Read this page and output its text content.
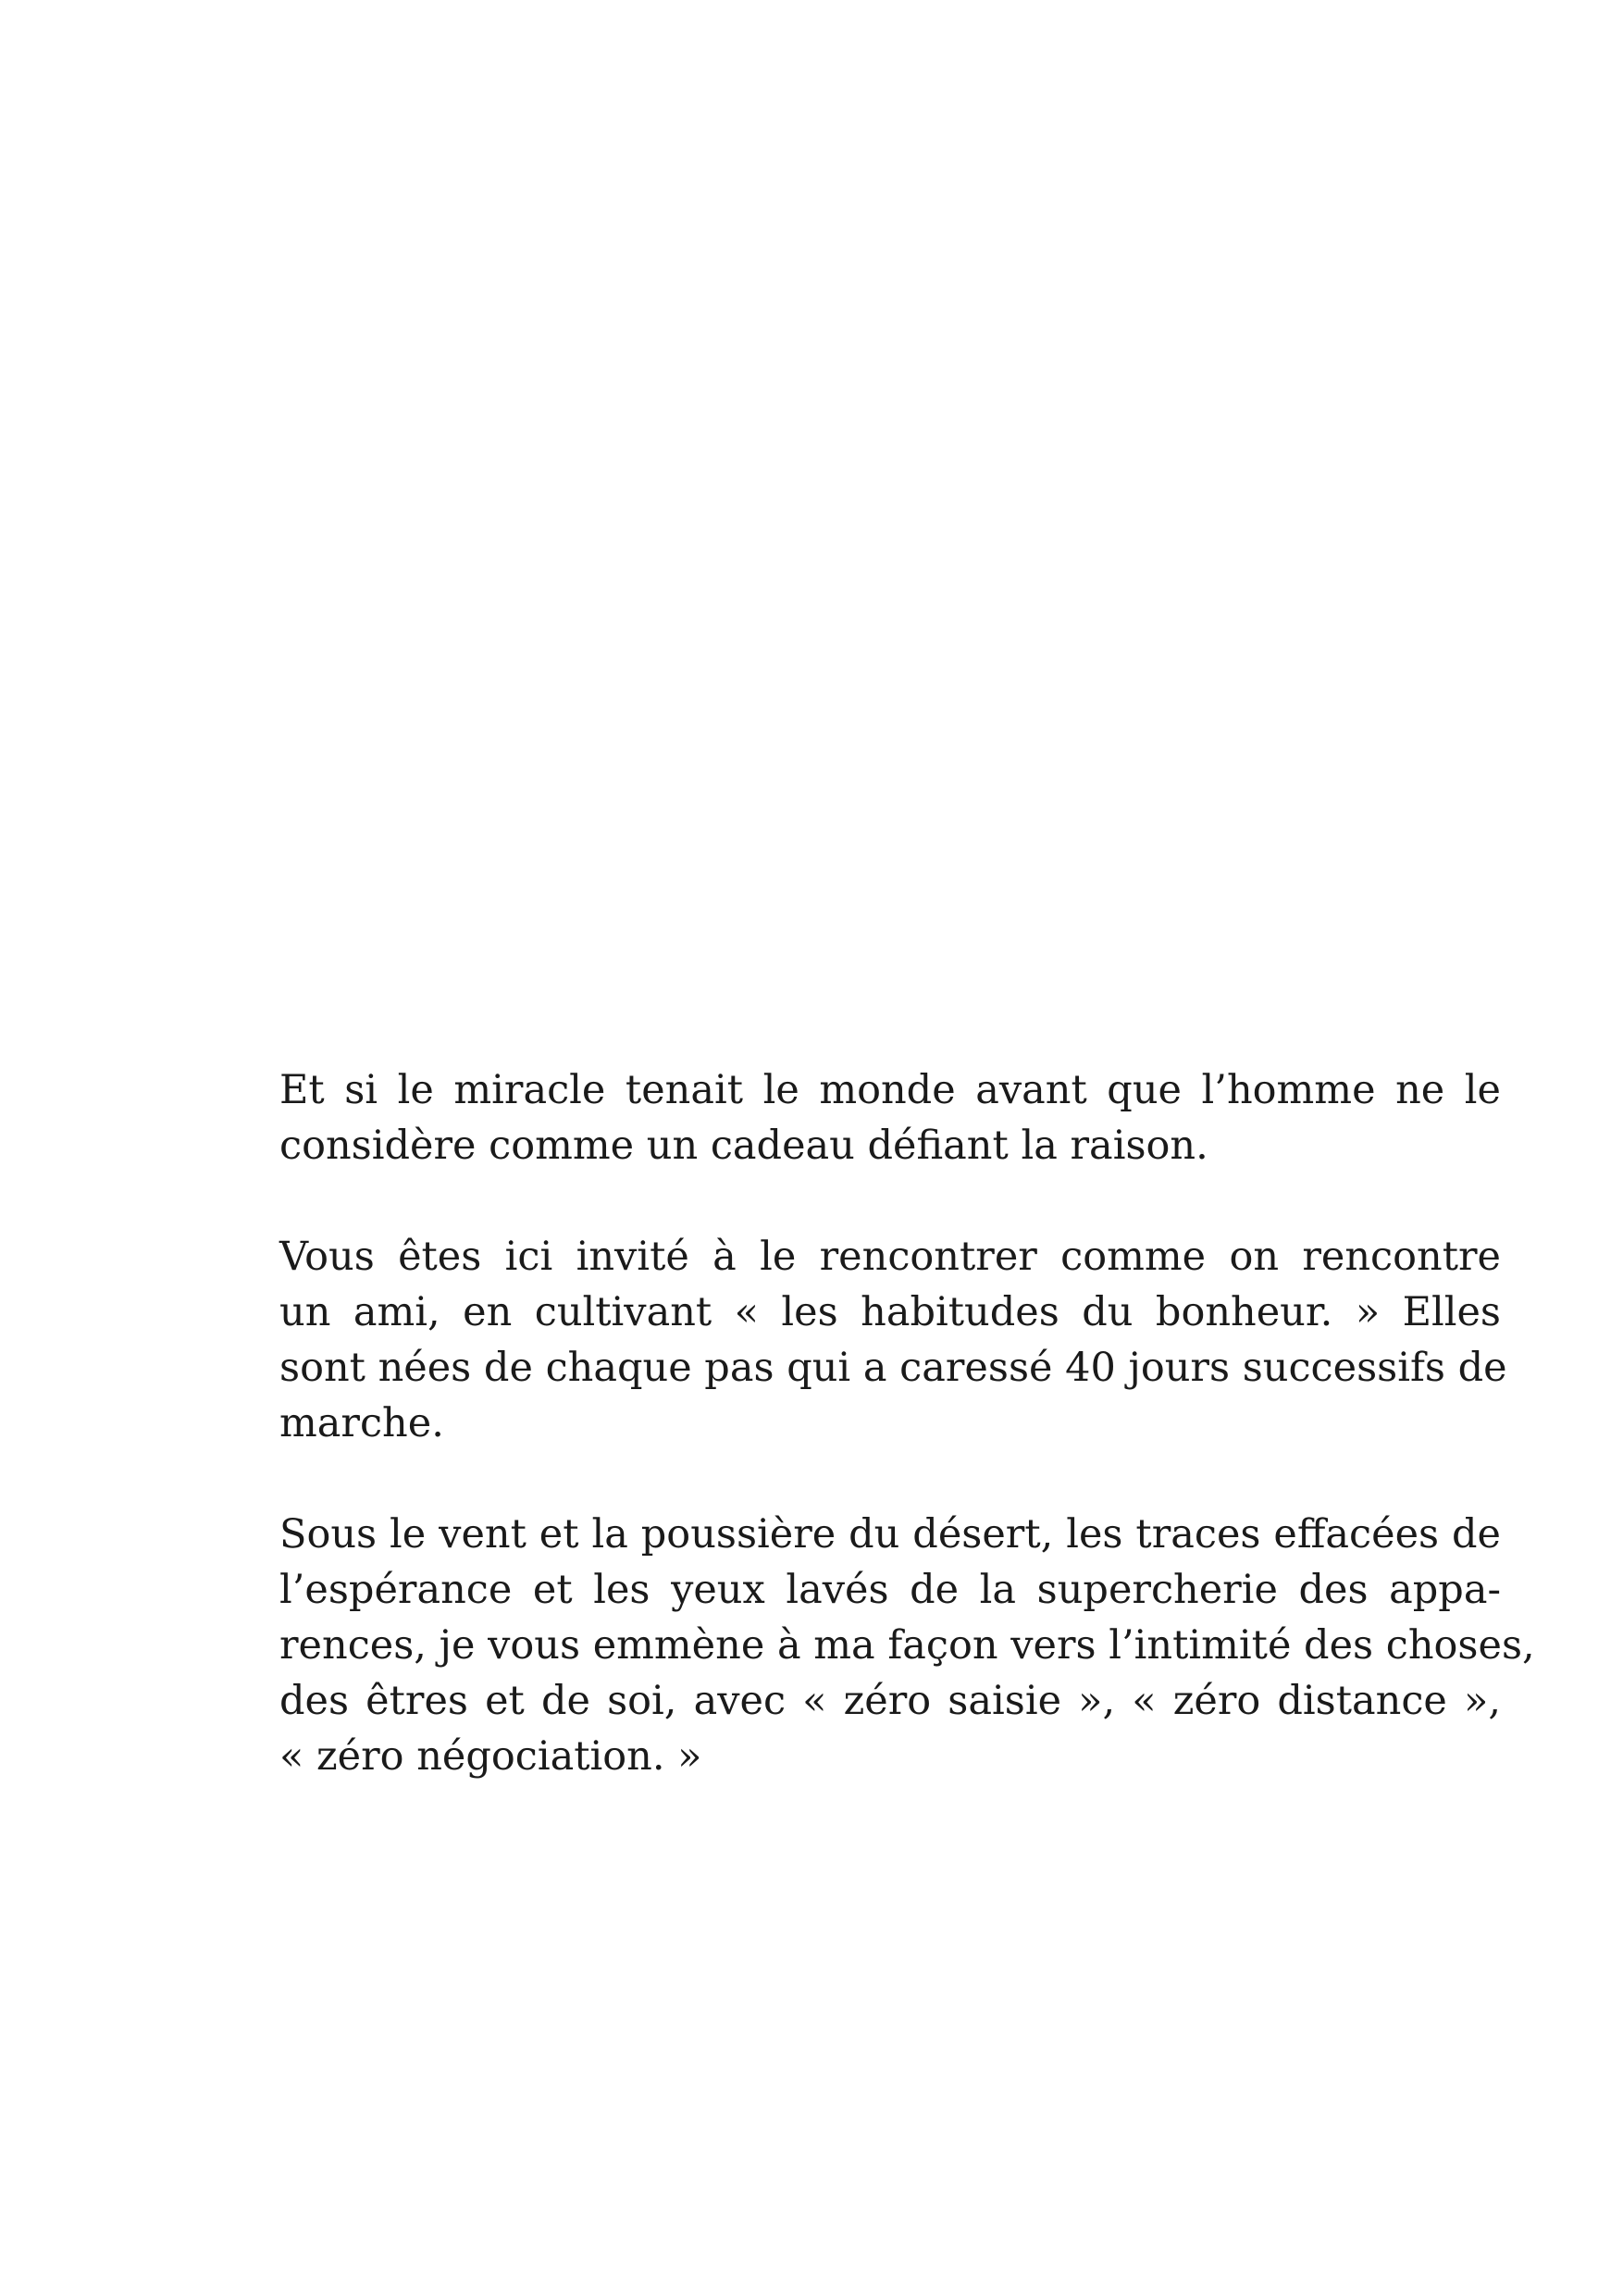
Et si le miracle tenait le monde avant que l’homme ne le
considère comme un cadeau défiant la raison.

Vous êtes ici invité à le rencontrer comme on rencontre
un ami, en cultivant « les habitudes du bonheur. » Elles
sont nées de chaque pas qui a caressé 40 jours successifs de
marche.

Sous le vent et la poussière du désert, les traces effacées de
l’espérance et les yeux lavés de la supercherie des appa-
rences, je vous emmène à ma façon vers l’intimité des choses,
des êtres et de soi, avec « zéro saisie », « zéro distance »,
« zéro négociation. »
